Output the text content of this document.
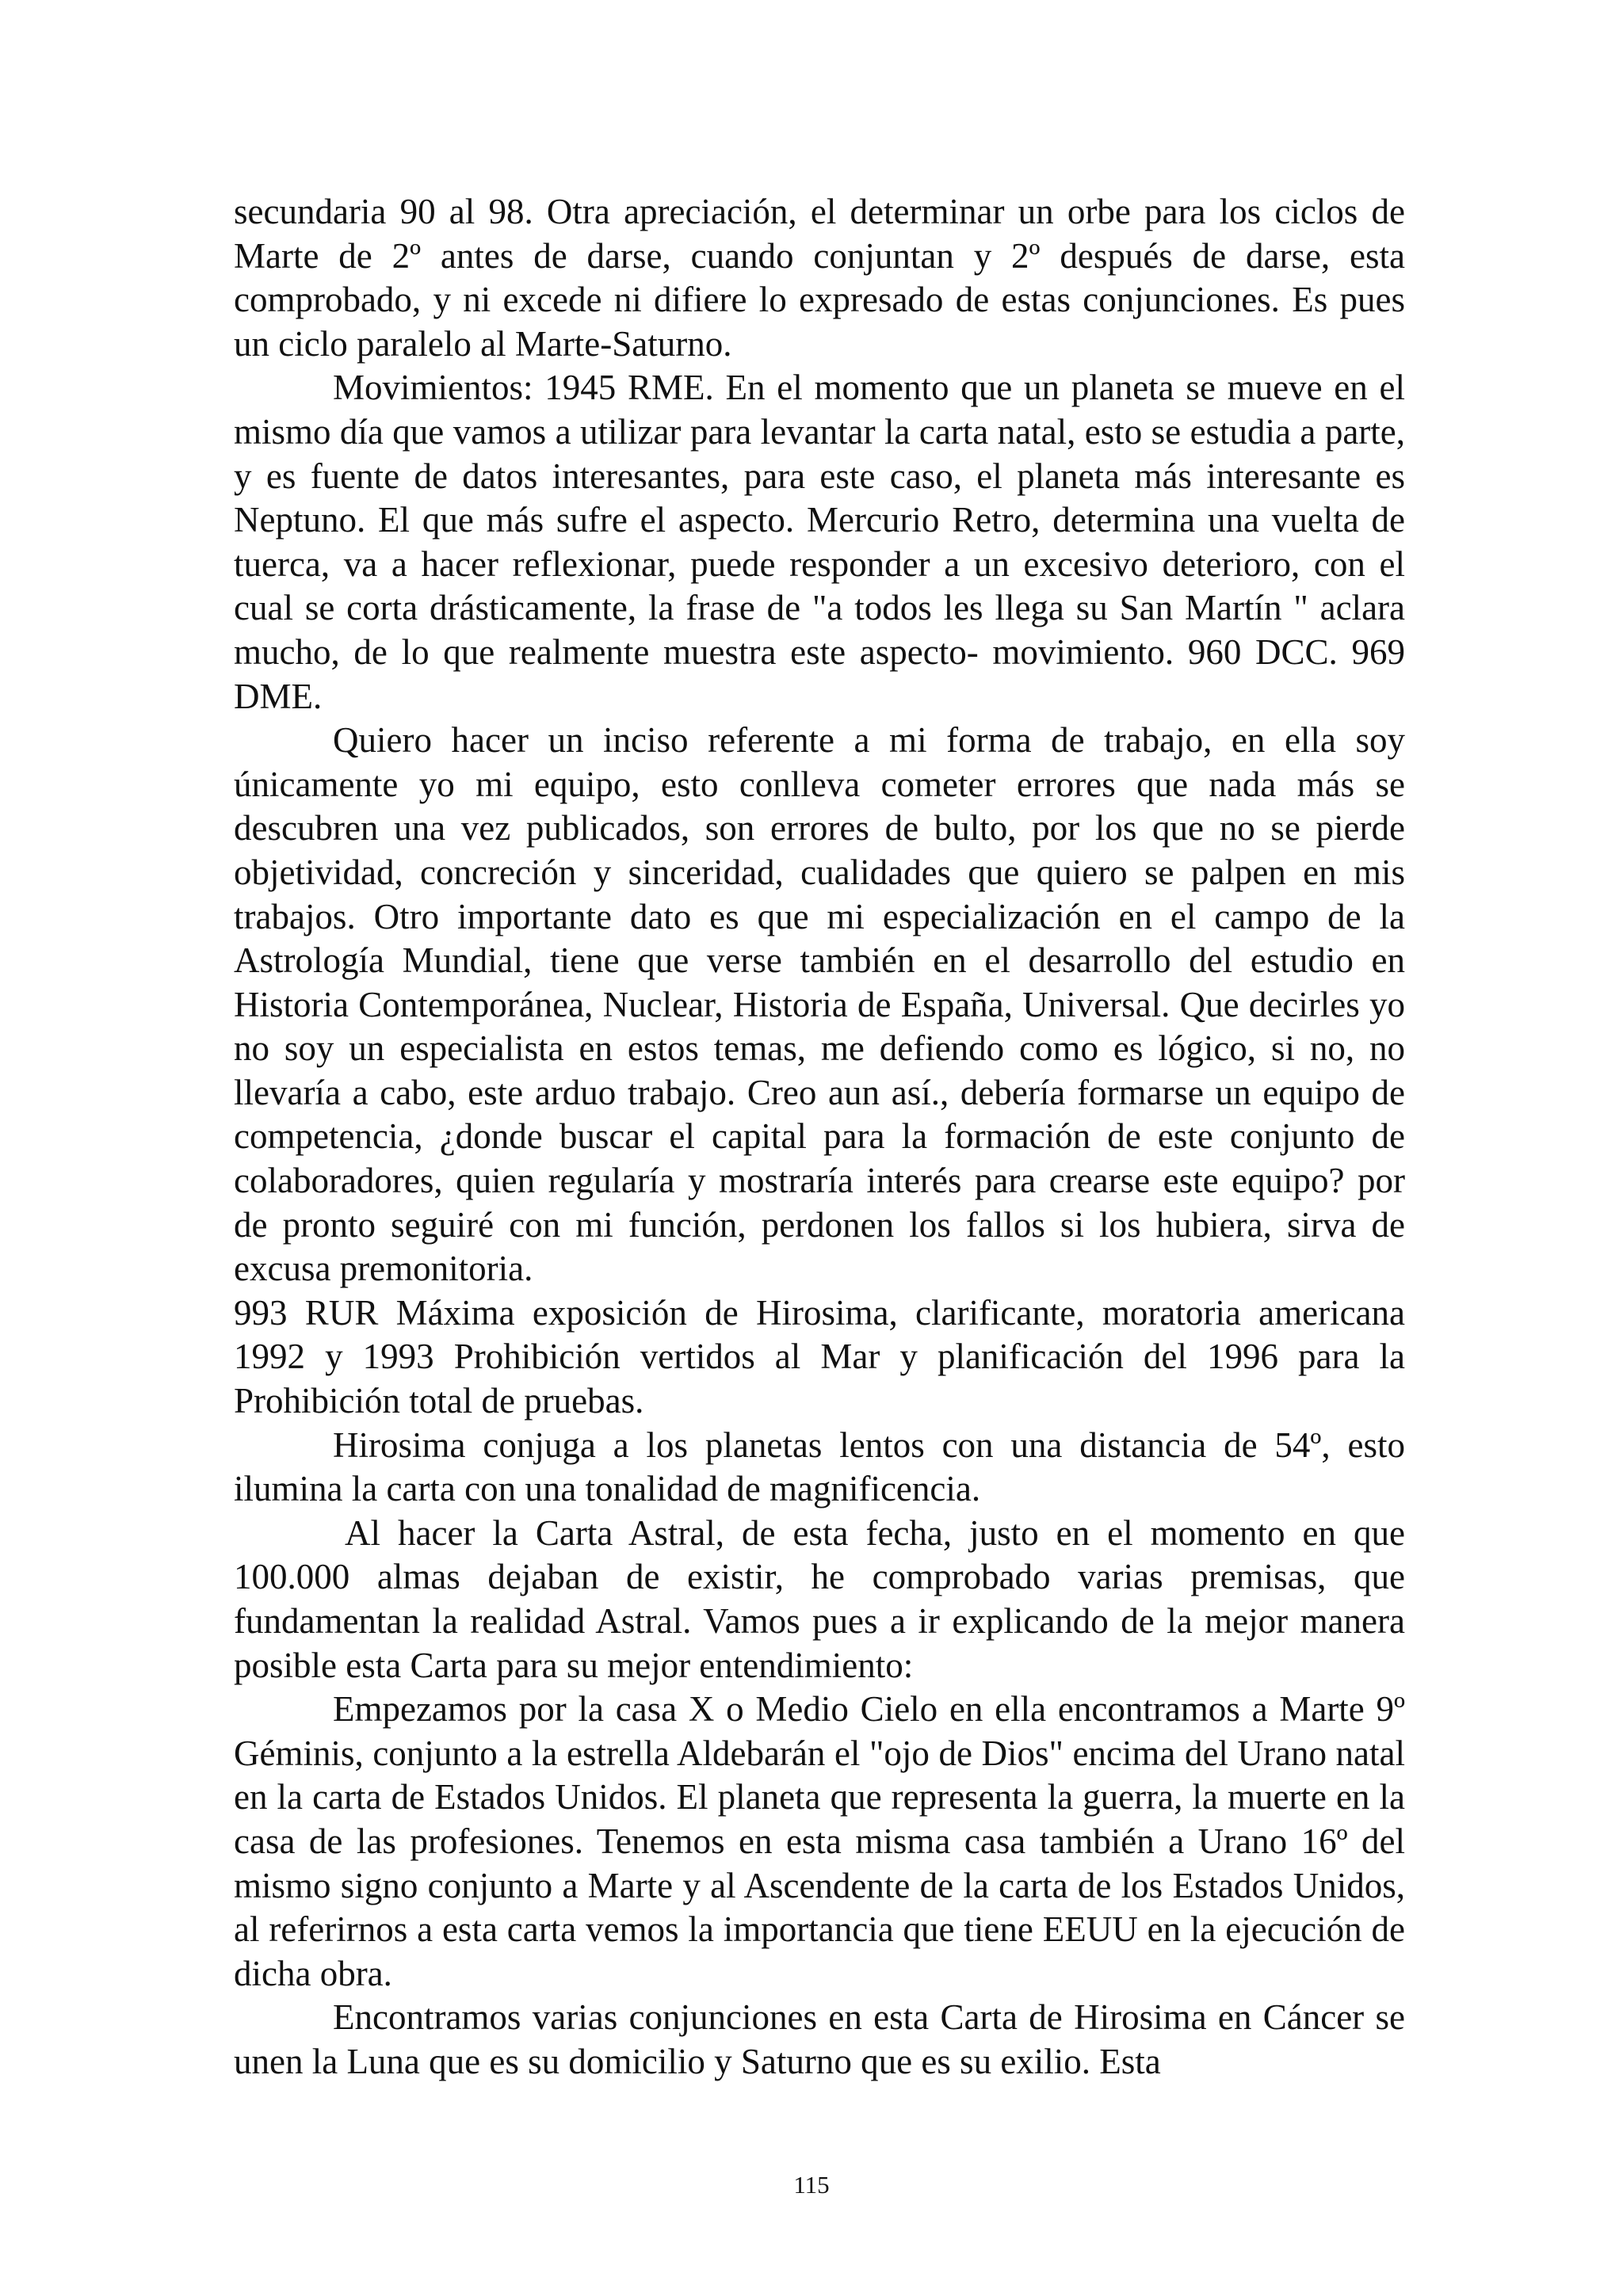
secundaria 90 al 98. Otra apreciación, el determinar un orbe para los ciclos de Marte de 2º antes de darse, cuando conjuntan y 2º después de darse, esta comprobado, y ni excede ni difiere lo expresado de estas conjunciones. Es pues un ciclo paralelo al Marte-Saturno.

Movimientos: 1945 RME. En el momento que un planeta se mueve en el mismo día que vamos a utilizar para levantar la carta natal, esto se estudia a parte, y es fuente de datos interesantes, para este caso, el planeta más interesante es Neptuno. El que más sufre el aspecto. Mercurio Retro, determina una vuelta de tuerca, va a hacer reflexionar, puede responder a un excesivo deterioro, con el cual se corta drásticamente, la frase de "a todos les llega su San Martín " aclara mucho, de lo que realmente muestra este aspecto- movimiento. 960 DCC. 969 DME.

Quiero hacer un inciso referente a mi forma de trabajo, en ella soy únicamente yo mi equipo, esto conlleva cometer errores que nada más se descubren una vez publicados, son errores de bulto, por los que no se pierde objetividad, concreción y sinceridad, cualidades que quiero se palpen en mis trabajos. Otro importante dato es que mi especialización en el campo de la Astrología Mundial, tiene que verse también en el desarrollo del estudio en Historia Contemporánea, Nuclear, Historia de España, Universal. Que decirles yo no soy un especialista en estos temas, me defiendo como es lógico, si no, no llevaría a cabo, este arduo trabajo. Creo aun así., debería formarse un equipo de competencia, ¿donde buscar el capital para la formación de este conjunto de colaboradores, quien regularía y mostraría interés para crearse este equipo? por de pronto seguiré con mi función, perdonen los fallos si los hubiera, sirva de excusa premonitoria.

993 RUR Máxima exposición de Hirosima, clarificante, moratoria americana 1992 y 1993 Prohibición vertidos al Mar y planificación del 1996 para la Prohibición total de pruebas.

Hirosima conjuga a los planetas lentos con una distancia de 54º, esto ilumina la carta con una tonalidad de magnificencia.

Al hacer la Carta Astral, de esta fecha, justo en el momento en que 100.000 almas dejaban de existir, he comprobado varias premisas, que fundamentan la realidad Astral. Vamos pues a ir explicando de la mejor manera posible esta Carta para su mejor entendimiento:

Empezamos por la casa X o Medio Cielo en ella encontramos a Marte 9º Géminis, conjunto a la estrella Aldebarán el "ojo de Dios" encima del Urano natal en la carta de Estados Unidos. El planeta que representa la guerra, la muerte en la casa de las profesiones. Tenemos en esta misma casa también a Urano 16º del mismo signo conjunto a Marte y al Ascendente de la carta de los Estados Unidos, al referirnos a esta carta vemos la importancia que tiene EEUU en la ejecución de dicha obra.

Encontramos varias conjunciones en esta Carta de Hirosima en Cáncer se unen la Luna que es su domicilio y Saturno que es su exilio. Esta

115
